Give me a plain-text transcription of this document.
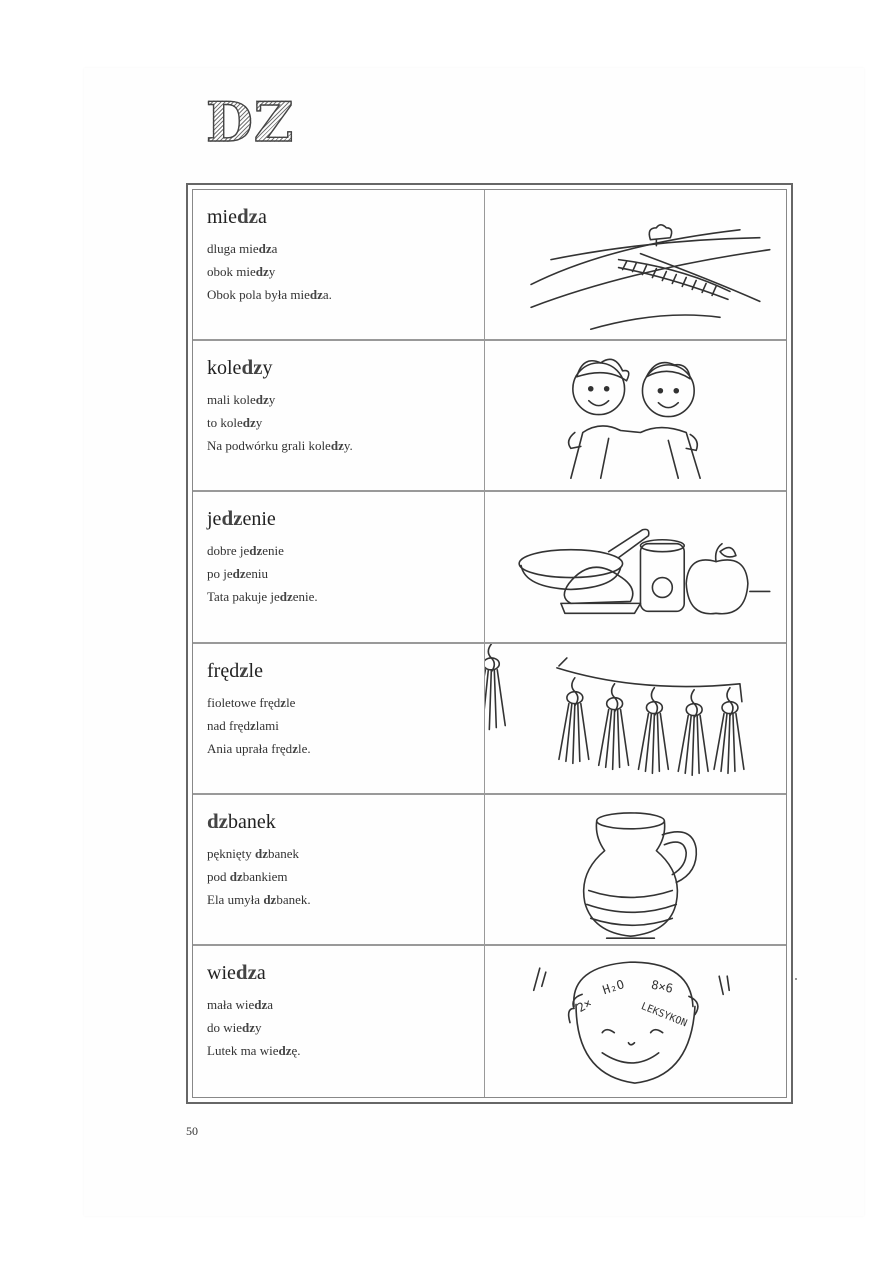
DZ
miedza
dluga miedza
obok miedzy
Obok pola była miedza.
koledzy
mali koledzy
to koledzy
Na podwórku grali koledzy.
jedzenie
dobre jedzenie
po jedzeniu
Tata pakuje jedzenie.
frędzle
fioletowe frędzle
nad frędzlami
Ania uprała frędzle.
dzbanek
pęknięty dzbanek
pod dzbankiem
Ela umyła dzbanek.
wiedza
mała wiedza
do wiedzy
Lutek ma wiedzę.
H₂O 8×6
2×	LEKSYKON
50
